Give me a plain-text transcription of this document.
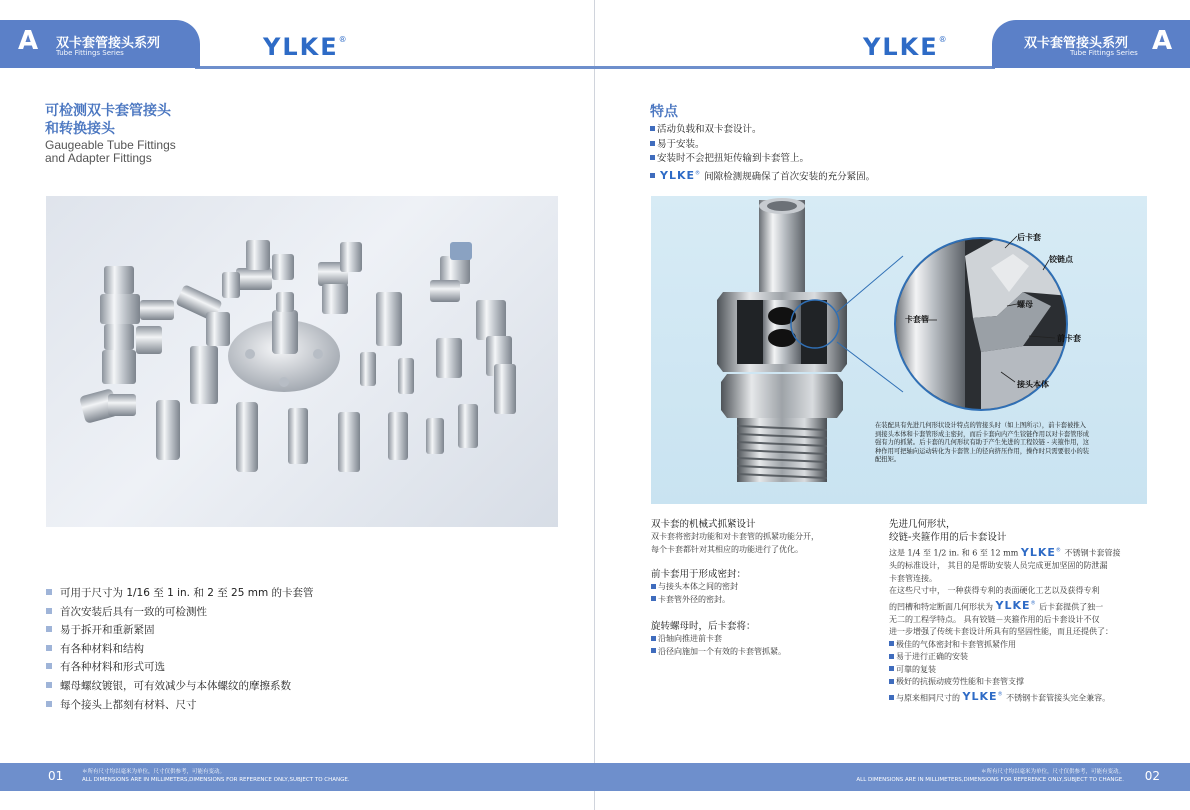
A 双卡套管接头系列
Tube Fittings Series	YLKE®
可检测双卡套管接头
和转换接头
Gaugeable Tube Fittings
and Adapter Fittings
可用于尺寸为 1/16 至 1 in. 和 2 至 25 mm 的卡套管
首次安装后具有一致的可检测性
易于拆开和重新紧固
有各种材料和结构
有各种材料和形式可选
螺母螺纹镀银，可有效减少与本体螺纹的摩擦系数
每个接头上都刻有材料、尺寸
YLKE®	双卡套管接头系列
Tube Fittings Series A
特点
活动负载和双卡套设计。
易于安装。
安装时不会把扭矩传输到卡套管上。
YLKE® 间隙检测规确保了首次安装的充分紧固。
后卡套
铰链点
卡套管
螺母
前卡套
接头本体
在装配具有先进几何形状设计特点的管接头时（如上图所示），前卡套被推入到接头本体和卡套管形成主密封，而后卡套向内产生铰链作用以对卡套管形成强有力的抓紧。后卡套的几何形状有助于产生先进的工程铰链 - 夹箍作用，这种作用可把轴向运动转化为卡套管上的径向挤压作用，操作时只需要很小的装配扭矩。
双卡套的机械式抓紧设计

双卡套将密封功能和对卡套管的抓紧功能分开，

每个卡套都针对其相应的功能进行了优化。

前卡套用于形成密封：
与接头本体之间的密封
卡套管外径的密封。
旋转螺母时，后卡套将：
沿轴向推进前卡套
沿径向施加一个有效的卡套管抓紧。
先进几何形状，
绞链-夹箍作用的后卡套设计

这是 1/4 至 1/2 in. 和 6 至 12 mm YLKE® 不锈钢卡套管接

头的标准设计， 其目的是帮助安装人员完成更加坚固的防泄漏

卡套管连接。

在这些尺寸中， 一种获得专利的表面硬化工艺以及获得专利

的凹槽和特定断面几何形状为 YLKE® 后卡套提供了独一

无二的工程学特点。 具有铰链－夹箍作用的后卡套设计不仅

进一步增强了传统卡套设计所具有的坚固性能，而且还提供了：

极佳的气体密封和卡套管抓紧作用
易于进行正确的安装
可靠的复装
极好的抗振动疲劳性能和卡套管支撑
与原来相同尺寸的 YLKE® 不锈钢卡套管接头完全兼容。
01	＊所有尺寸均以毫米为单位，尺寸仅供参考，可能有变动。
ALL DIMENSIONS ARE IN MILLIMETERS,DIMENSIONS FOR REFERENCE ONLY,SUBJECT TO CHANGE.
＊所有尺寸均以毫米为单位，尺寸仅供参考，可能有变动。
ALL DIMENSIONS ARE IN MILLIMETERS,DIMENSIONS FOR REFERENCE ONLY,SUBJECT TO CHANGE. 02
